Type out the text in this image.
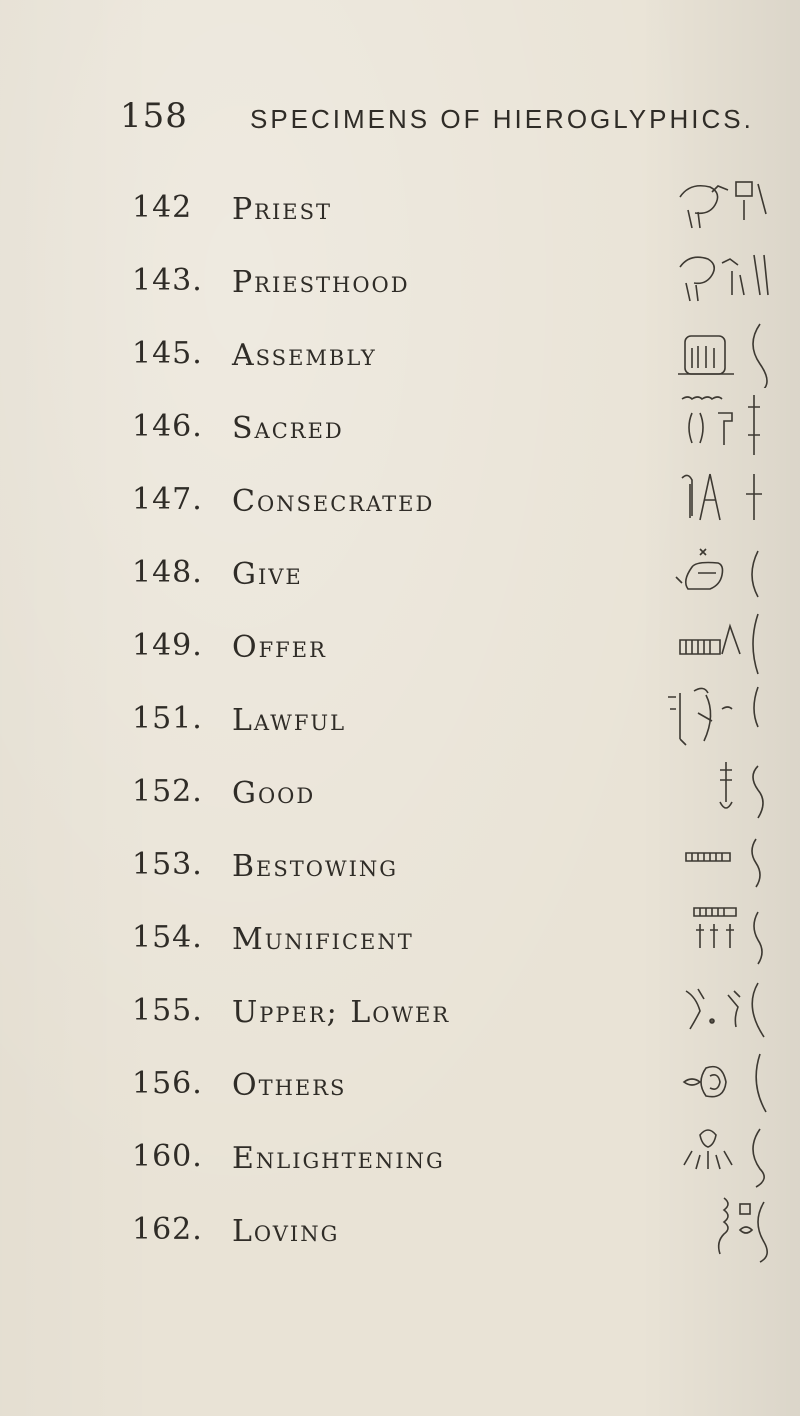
158 SPECIMENS OF HIEROGLYPHICS.
142 Priest
143. Priesthood
145. Assembly
146. Sacred
147. Consecrated
148. Give
149. Offer
151. Lawful
152. Good
153. Bestowing
154. Munificent
155. Upper; Lower
156. Others
160. Enlightening
162. Loving
